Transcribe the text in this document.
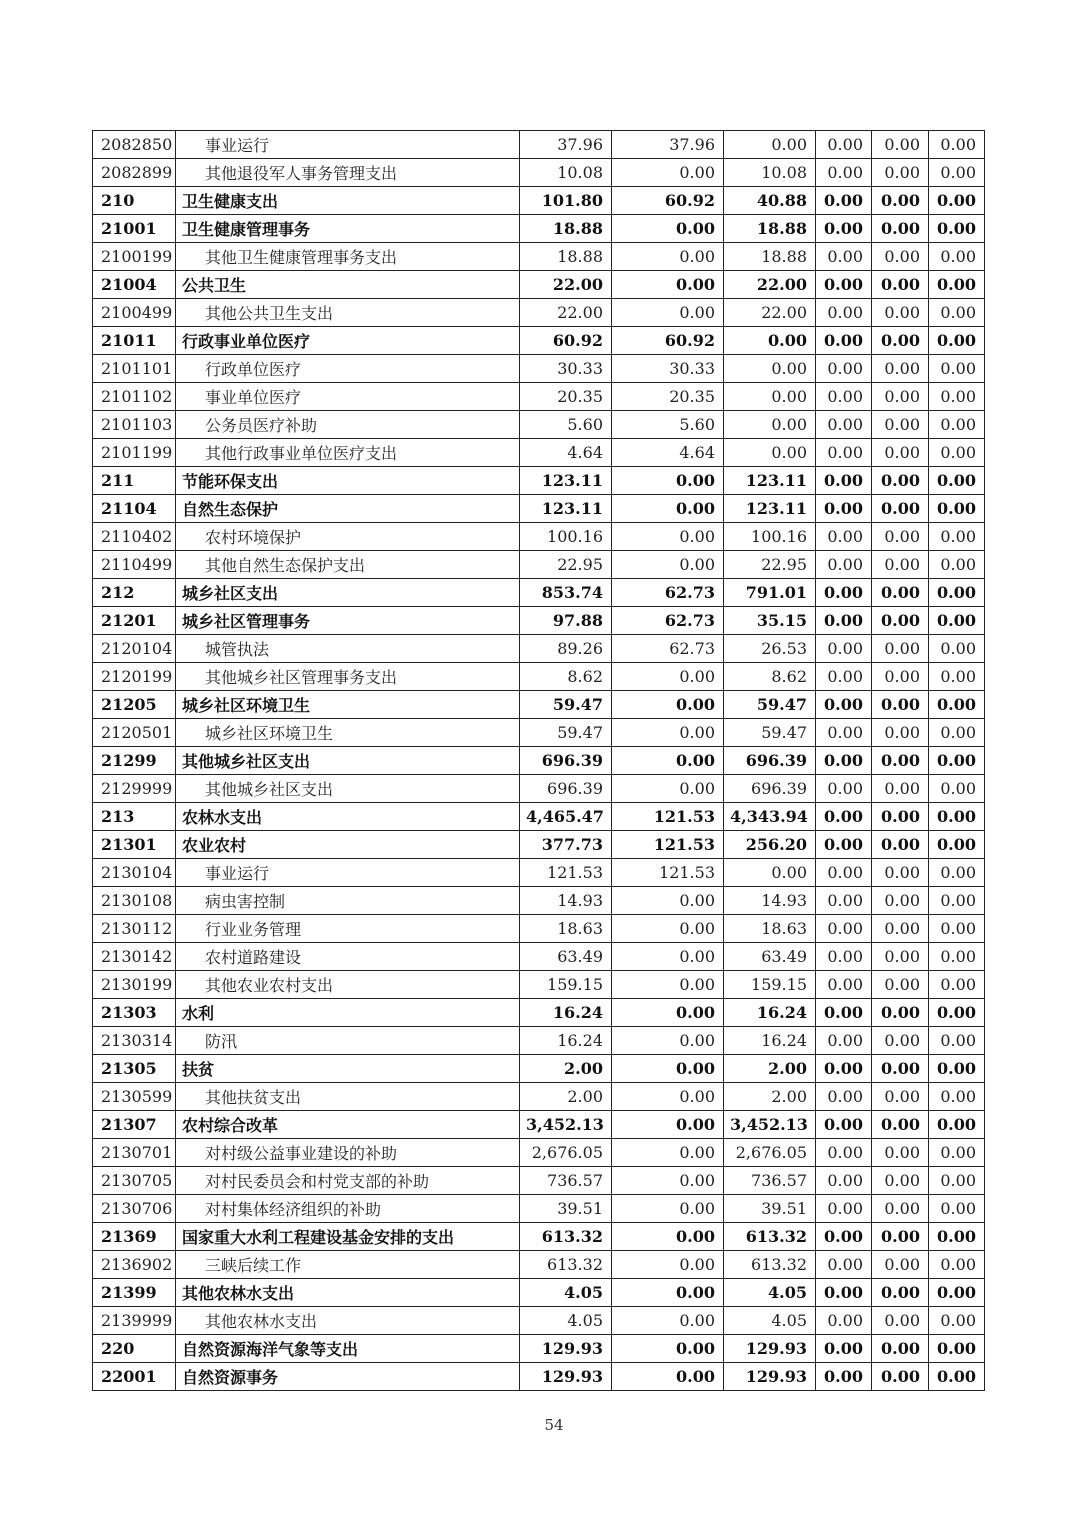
2082850	事业运行	37.96	37.96	0.00	0.00	0.00	0.00
2082899	其他退役军人事务管理支出	10.08	0.00	10.08	0.00	0.00	0.00
210	卫生健康支出	101.80	60.92	40.88	0.00	0.00	0.00
21001	卫生健康管理事务	18.88	0.00	18.88	0.00	0.00	0.00
2100199	其他卫生健康管理事务支出	18.88	0.00	18.88	0.00	0.00	0.00
21004	公共卫生	22.00	0.00	22.00	0.00	0.00	0.00
2100499	其他公共卫生支出	22.00	0.00	22.00	0.00	0.00	0.00
21011	行政事业单位医疗	60.92	60.92	0.00	0.00	0.00	0.00
2101101	行政单位医疗	30.33	30.33	0.00	0.00	0.00	0.00
2101102	事业单位医疗	20.35	20.35	0.00	0.00	0.00	0.00
2101103	公务员医疗补助	5.60	5.60	0.00	0.00	0.00	0.00
2101199	其他行政事业单位医疗支出	4.64	4.64	0.00	0.00	0.00	0.00
211	节能环保支出	123.11	0.00	123.11	0.00	0.00	0.00
21104	自然生态保护	123.11	0.00	123.11	0.00	0.00	0.00
2110402	农村环境保护	100.16	0.00	100.16	0.00	0.00	0.00
2110499	其他自然生态保护支出	22.95	0.00	22.95	0.00	0.00	0.00
212	城乡社区支出	853.74	62.73	791.01	0.00	0.00	0.00
21201	城乡社区管理事务	97.88	62.73	35.15	0.00	0.00	0.00
2120104	城管执法	89.26	62.73	26.53	0.00	0.00	0.00
2120199	其他城乡社区管理事务支出	8.62	0.00	8.62	0.00	0.00	0.00
21205	城乡社区环境卫生	59.47	0.00	59.47	0.00	0.00	0.00
2120501	城乡社区环境卫生	59.47	0.00	59.47	0.00	0.00	0.00
21299	其他城乡社区支出	696.39	0.00	696.39	0.00	0.00	0.00
2129999	其他城乡社区支出	696.39	0.00	696.39	0.00	0.00	0.00
213	农林水支出	4,465.47	121.53	4,343.94	0.00	0.00	0.00
21301	农业农村	377.73	121.53	256.20	0.00	0.00	0.00
2130104	事业运行	121.53	121.53	0.00	0.00	0.00	0.00
2130108	病虫害控制	14.93	0.00	14.93	0.00	0.00	0.00
2130112	行业业务管理	18.63	0.00	18.63	0.00	0.00	0.00
2130142	农村道路建设	63.49	0.00	63.49	0.00	0.00	0.00
2130199	其他农业农村支出	159.15	0.00	159.15	0.00	0.00	0.00
21303	水利	16.24	0.00	16.24	0.00	0.00	0.00
2130314	防汛	16.24	0.00	16.24	0.00	0.00	0.00
21305	扶贫	2.00	0.00	2.00	0.00	0.00	0.00
2130599	其他扶贫支出	2.00	0.00	2.00	0.00	0.00	0.00
21307	农村综合改革	3,452.13	0.00	3,452.13	0.00	0.00	0.00
2130701	对村级公益事业建设的补助	2,676.05	0.00	2,676.05	0.00	0.00	0.00
2130705	对村民委员会和村党支部的补助	736.57	0.00	736.57	0.00	0.00	0.00
2130706	对村集体经济组织的补助	39.51	0.00	39.51	0.00	0.00	0.00
21369	国家重大水利工程建设基金安排的支出	613.32	0.00	613.32	0.00	0.00	0.00
2136902	三峡后续工作	613.32	0.00	613.32	0.00	0.00	0.00
21399	其他农林水支出	4.05	0.00	4.05	0.00	0.00	0.00
2139999	其他农林水支出	4.05	0.00	4.05	0.00	0.00	0.00
220	自然资源海洋气象等支出	129.93	0.00	129.93	0.00	0.00	0.00
22001	自然资源事务	129.93	0.00	129.93	0.00	0.00	0.00
54
